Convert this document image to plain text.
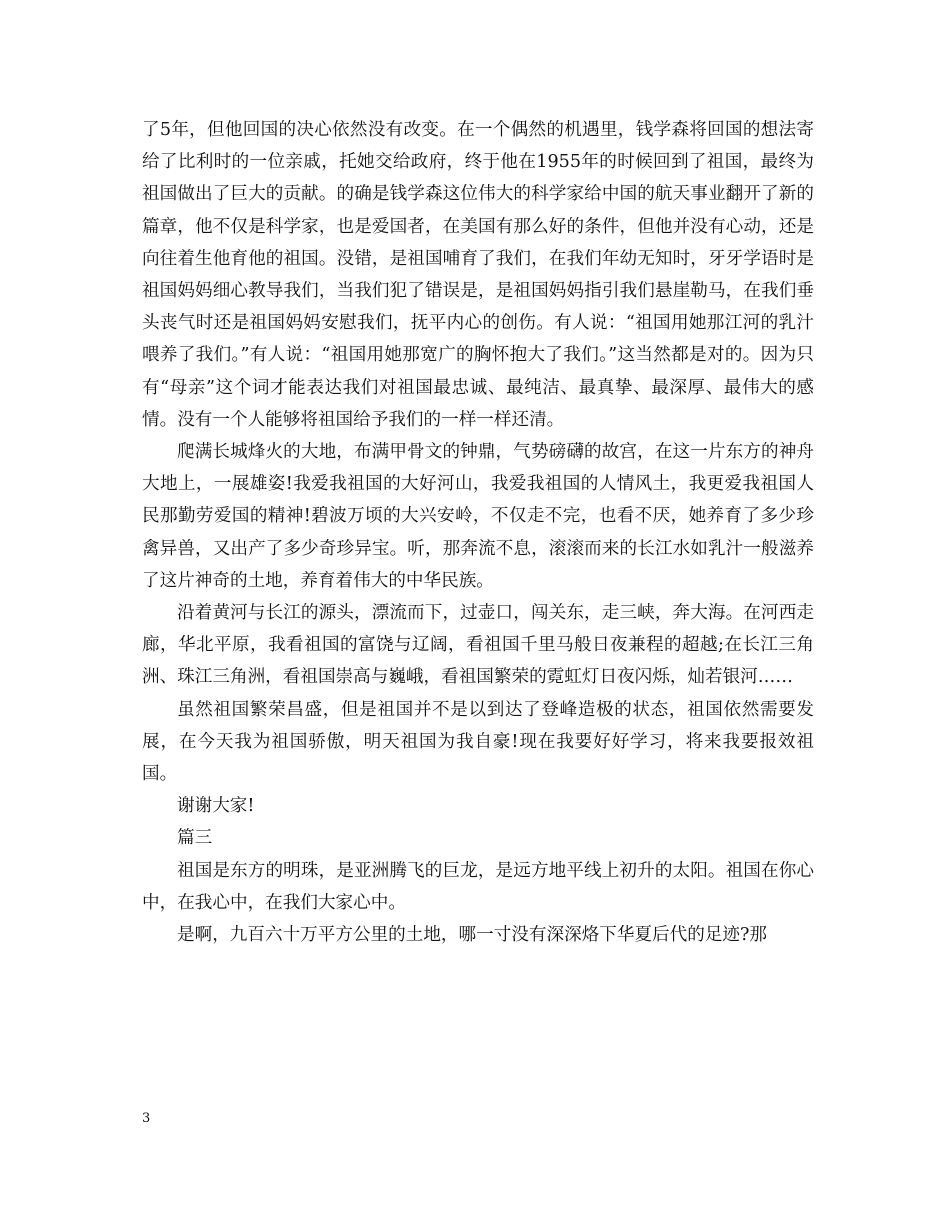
了5年，但他回国的决心依然没有改变。在一个偶然的机遇里，钱学森将回国的想法寄给了比利时的一位亲戚，托她交给政府，终于他在1955年的时候回到了祖国，最终为祖国做出了巨大的贡献。的确是钱学森这位伟大的科学家给中国的航天事业翻开了新的篇章，他不仅是科学家，也是爱国者，在美国有那么好的条件，但他并没有心动，还是向往着生他育他的祖国。没错，是祖国哺育了我们，在我们年幼无知时，牙牙学语时是祖国妈妈细心教导我们，当我们犯了错误是，是祖国妈妈指引我们悬崖勒马，在我们垂头丧气时还是祖国妈妈安慰我们，抚平内心的创伤。有人说：“祖国用她那江河的乳汁喂养了我们。”有人说：“祖国用她那宽广的胸怀抱大了我们。”这当然都是对的。因为只有“母亲”这个词才能表达我们对祖国最忠诚、最纯洁、最真挚、最深厚、最伟大的感情。没有一个人能够将祖国给予我们的一样一样还清。

爬满长城烽火的大地，布满甲骨文的钟鼎，气势磅礴的故宫，在这一片东方的神舟大地上，一展雄姿!我爱我祖国的大好河山，我爱我祖国的人情风土，我更爱我祖国人民那勤劳爱国的精神!碧波万顷的大兴安岭，不仅走不完，也看不厌，她养育了多少珍禽异兽，又出产了多少奇珍异宝。听，那奔流不息，滚滚而来的长江水如乳汁一般滋养了这片神奇的土地，养育着伟大的中华民族。

沿着黄河与长江的源头，漂流而下，过壶口，闯关东，走三峡，奔大海。在河西走廊，华北平原，我看祖国的富饶与辽阔，看祖国千里马般日夜兼程的超越;在长江三角洲、珠江三角洲，看祖国崇高与巍峨，看祖国繁荣的霓虹灯日夜闪烁，灿若银河……

虽然祖国繁荣昌盛，但是祖国并不是以到达了登峰造极的状态，祖国依然需要发展，在今天我为祖国骄傲，明天祖国为我自豪!现在我要好好学习，将来我要报效祖国。

谢谢大家!

篇三

祖国是东方的明珠，是亚洲腾飞的巨龙，是远方地平线上初升的太阳。祖国在你心中，在我心中，在我们大家心中。

是啊，九百六十万平方公里的土地，哪一寸没有深深烙下华夏后代的足迹?那

3
